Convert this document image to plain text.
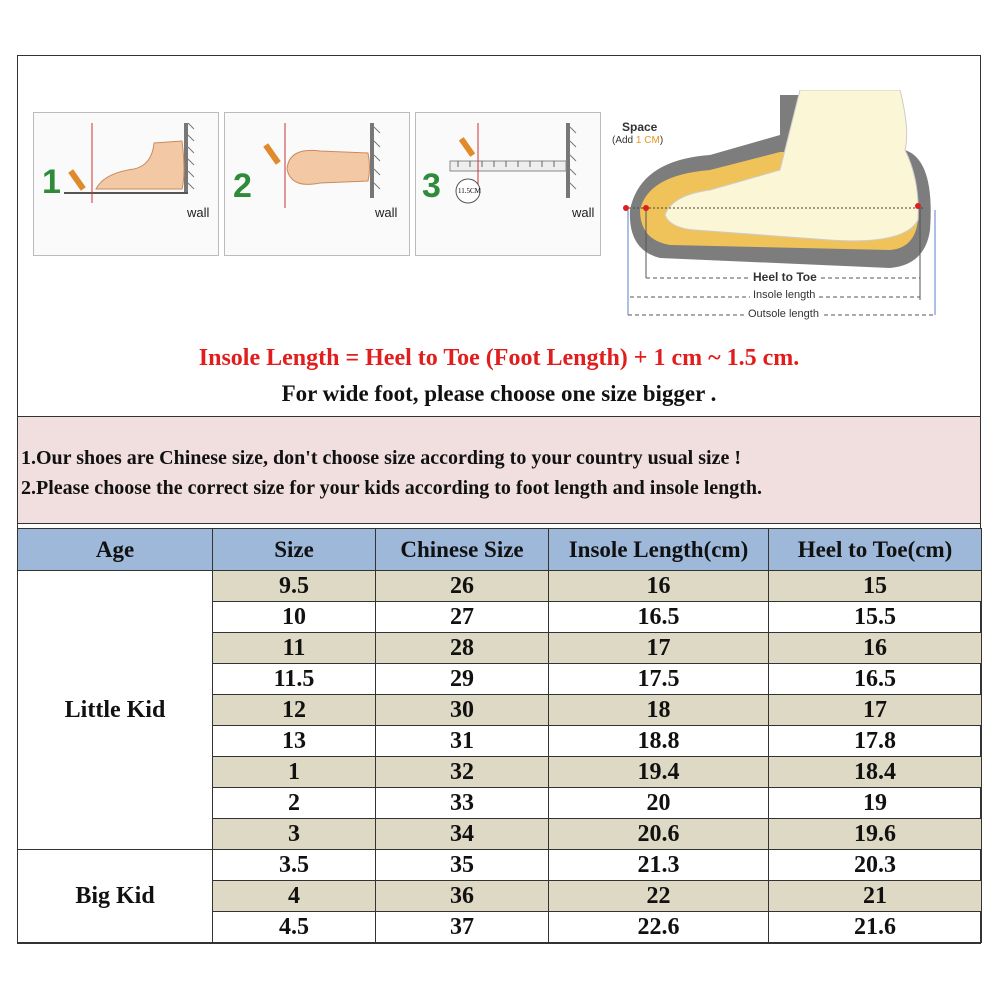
1
wall
2
wall
3 11.5CM
wall
Space
(Add 1 CM)
Heel to Toe
Insole length
Outsole length
Insole Length = Heel to Toe (Foot Length) + 1 cm ~ 1.5 cm.
For wide foot, please choose one size bigger .
1.Our shoes are Chinese size, don't choose size according to your country usual size !
2.Please choose the correct size for your kids according to foot length and insole length.
Age	Size	Chinese Size	Insole Length(cm)	Heel to Toe(cm)
Little Kid	9.5	26	16	15
	10	27	16.5	15.5
	11	28	17	16
	11.5	29	17.5	16.5
	12	30	18	17
	13	31	18.8	17.8
	1	32	19.4	18.4
	2	33	20	19
	3	34	20.6	19.6
Big Kid	3.5	35	21.3	20.3
	4	36	22	21
	4.5	37	22.6	21.6
